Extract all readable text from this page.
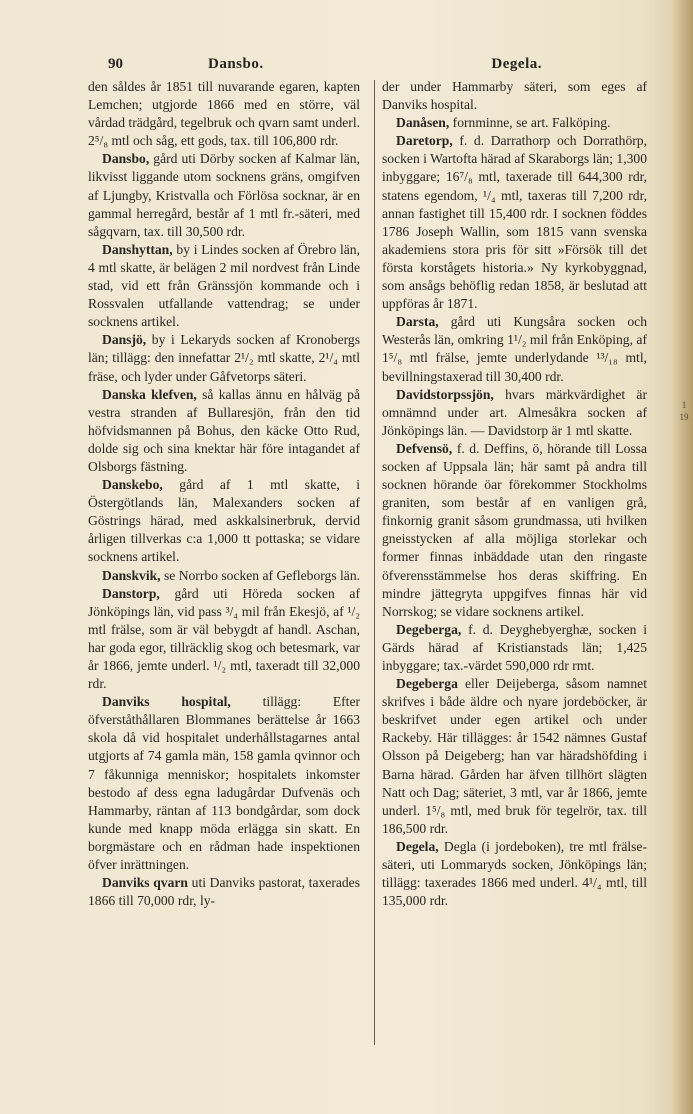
90	Dansbo.	Degela.

den såldes år 1851 till nuvarande egaren, kapten Lemchen; utgjorde 1866 med en större, väl vårdad trädgård, tegelbruk och qvarn samt underl. 2⁵/₈ mtl och såg, ett gods, tax. till 106,800 rdr.

Dansbo, gård uti Dörby socken af Kalmar län, likvisst liggande utom socknens gräns, omgifven af Ljungby, Kristvalla och Förlösa socknar, är en gammal herregård, består af 1 mtl fr.-säteri, med sågqvarn, tax. till 30,500 rdr.

Danshyttan, by i Lindes socken af Örebro län, 4 mtl skatte, är belägen 2 mil nordvest från Linde stad, vid ett från Gränssjön kommande och i Rossvalen utfallande vattendrag; se under socknens artikel.

Dansjö, by i Lekaryds socken af Kronobergs län; tillägg: den innefattar 2¹/₂ mtl skatte, 2¹/₄ mtl fräse, och lyder under Gåfvetorps säteri.

Danska klefven, så kallas ännu en hålväg på vestra stranden af Bullaresjön, från den tid höfvidsmannen på Bohus, den käcke Otto Rud, dolde sig och sina knektar här före intagandet af Olsborgs fästning.

Danskebo, gård af 1 mtl skatte, i Östergötlands län, Malexanders socken af Göstrings härad, med askkalsinerbruk, dervid årligen tillverkas c:a 1,000 tt pottaska; se vidare socknens artikel.

Danskvik, se Norrbo socken af Gefleborgs län.

Danstorp, gård uti Höreda socken af Jönköpings län, vid pass ³/₄ mil från Ekesjö, af ¹/₂ mtl frälse, som är väl bebygdt af handl. Aschan, har goda egor, tillräcklig skog och betesmark, var år 1866, jemte underl. ¹/₂ mtl, taxeradt till 32,000 rdr.

Danviks hospital, tillägg: Efter öfverståthållaren Blommanes berättelse år 1663 skola då vid hospitalet underhållstagarnes antal utgjorts af 74 gamla män, 158 gamla qvinnor och 7 fåkunniga menniskor; hospitalets inkomster bestodo af dess egna ladugårdar Dufvenäs och Hammarby, räntan af 113 bondgårdar, som dock kunde med knapp möda erlägga sin skatt. En borgmästare och en rådman hade inspektionen öfver inrättningen.

Danviks qvarn uti Danviks pastorat, taxerades 1866 till 70,000 rdr, ly-

der under Hammarby säteri, som eges af Danviks hospital.

Danåsen, fornminne, se art. Falköping.

Daretorp, f. d. Darrathorp och Dorrathörp, socken i Wartofta härad af Skaraborgs län; 1,300 inbyggare; 16⁷/₈ mtl, taxerade till 644,300 rdr, statens egendom, ¹/₄ mtl, taxeras till 7,200 rdr, annan fastighet till 15,400 rdr. I socknen föddes 1786 Joseph Wallin, som 1815 vann svenska akademiens stora pris för sitt »Försök till det första korstågets historia.» Ny kyrkobyggnad, som ansågs behöflig redan 1858, är beslutad att uppföras år 1871.

Darsta, gård uti Kungsåra socken och Westerås län, omkring 1¹/₂ mil från Enköping, af 1⁵/₈ mtl frälse, jemte underlydande ¹³/₁₈ mtl, bevillningstaxerad till 30,400 rdr.

Davidstorpssjön, hvars märkvärdighet är omnämnd under art. Almesåkra socken af Jönköpings län. — Davidstorp är 1 mtl skatte.

Defvensö, f. d. Deffins, ö, hörande till Lossa socken af Uppsala län; här samt på andra till socknen hörande öar förekommer Stockholms graniten, som består af en vanligen grå, finkornig granit såsom grundmassa, uti hvilken gneisstycken af alla möjliga storlekar och former finnas inbäddade utan den ringaste öfverensstämmelse hos deras skiffring. En mindre jättegryta uppgifves finnas här vid Norrskog; se vidare socknens artikel.

Degeberga, f. d. Deyghebyerghæ, socken i Gärds härad af Kristianstads län; 1,425 inbyggare; tax.-värdet 590,000 rdr rmt.

Degeberga eller Deijeberga, såsom namnet skrifves i både äldre och nyare jordeböcker, är beskrifvet under egen artikel och under Rackeby. Här tillägges: år 1542 nämnes Gustaf Olsson på Deigeberg; han var häradshöfding i Barna härad. Gården har äfven tillhört slägten Natt och Dag; säteriet, 3 mtl, var år 1866, jemte underl. 1⁵/₈ mtl, med bruk för tegelrör, tax. till 186,500 rdr.

Degela, Degla (i jordeboken), tre mtl frälse-säteri, uti Lommaryds socken, Jönköpings län; tillägg: taxerades 1866 med underl. 4¹/₄ mtl, till 135,000 rdr.

1
19
